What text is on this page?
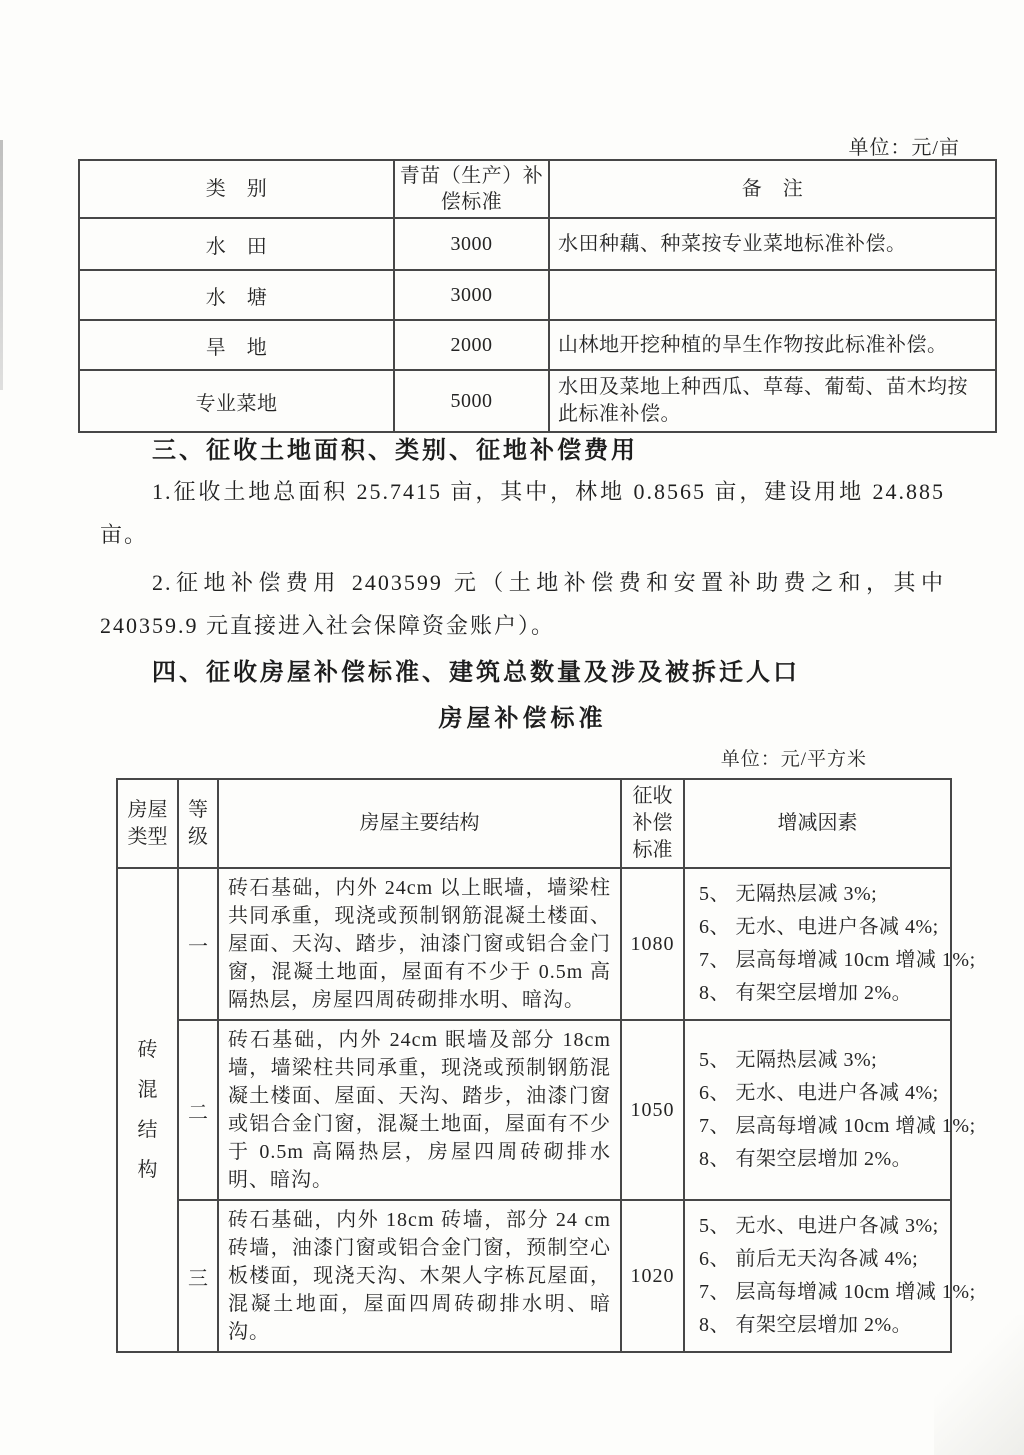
单位：元/亩
类　别	青苗（生产）补偿标准	备　注
水　田	3000	水田种藕、种菜按专业菜地标准补偿。
水　塘	3000	
旱　地	2000	山林地开挖种植的旱生作物按此标准补偿。
专业菜地	5000	水田及菜地上种西瓜、草莓、葡萄、苗木均按此标准补偿。
三、征收土地面积、类别、征地补偿费用
1.征收土地总面积 25.7415 亩，其中，林地 0.8565 亩，建设用地 24.885 亩。
2.征地补偿费用 2403599 元（土地补偿费和安置补助费之和，其中 240359.9 元直接进入社会保障资金账户）。
四、征收房屋补偿标准、建筑总数量及涉及被拆迁人口
房屋补偿标准
单位：元/平方米
房屋类型	等级	房屋主要结构	征收补偿标准	增减因素

砖混结构	一	砖石基础，内外 24cm 以上眠墙，墙梁柱共同承重，现浇或预制钢筋混凝土楼面、屋面、天沟、踏步，油漆门窗或铝合金门窗，混凝土地面，屋面有不少于 0.5m 高隔热层，房屋四周砖砌排水明、暗沟。	1080	5、 无隔热层减 3%;
6、 无水、电进户各减 4%;
7、 层高每增减 10cm 增减 1%;
8、 有架空层增加 2%。

	二	砖石基础，内外 24cm 眠墙及部分 18cm 墙，墙梁柱共同承重，现浇或预制钢筋混凝土楼面、屋面、天沟、踏步，油漆门窗或铝合金门窗，混凝土地面，屋面有不少于 0.5m 高隔热层，房屋四周砖砌排水明、暗沟。	1050	5、 无隔热层减 3%;
6、 无水、电进户各减 4%;
7、 层高每增减 10cm 增减 1%;
8、 有架空层增加 2%。

	三	砖石基础，内外 18cm 砖墙，部分 24 cm 砖墙，油漆门窗或铝合金门窗，预制空心板楼面，现浇天沟、木架人字栋瓦屋面，混凝土地面，屋面四周砖砌排水明、暗沟。	1020	5、 无水、电进户各减 3%;
6、 前后无天沟各减 4%;
7、 层高每增减 10cm 增减 1%;
8、 有架空层增加 2%。
